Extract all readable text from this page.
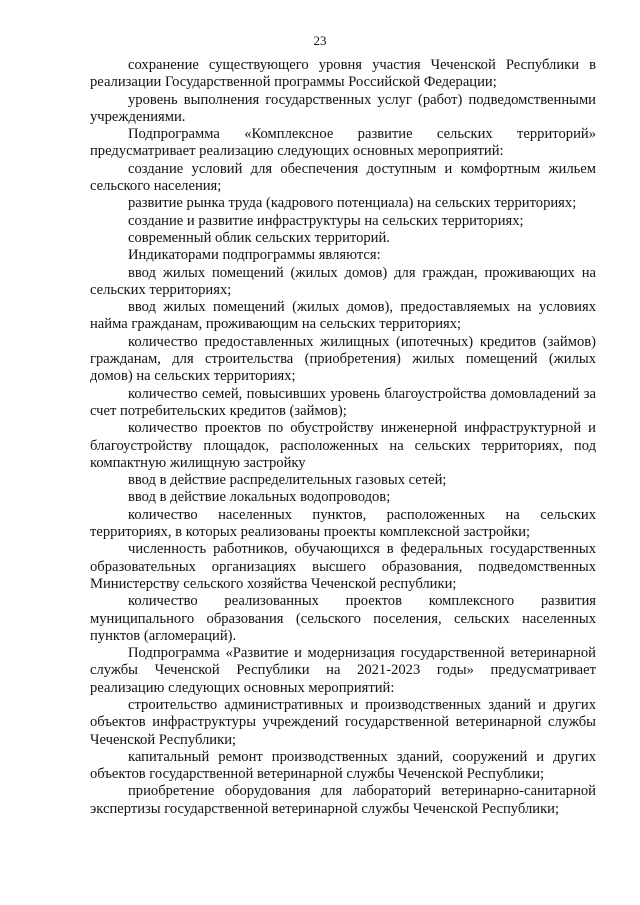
23

сохранение существующего уровня участия Чеченской Республики в реализации Государственной программы Российской Федерации;

уровень выполнения государственных услуг (работ) подведомственными учреждениями.

Подпрограмма «Комплексное развитие сельских территорий» предусматривает реализацию следующих основных мероприятий:

создание условий для обеспечения доступным и комфортным жильем сельского населения;

развитие рынка труда (кадрового потенциала) на сельских территориях;

создание и развитие инфраструктуры на сельских территориях;

современный облик сельских территорий.

Индикаторами подпрограммы являются:

ввод жилых помещений (жилых домов) для граждан, проживающих на сельских территориях;

ввод жилых помещений (жилых домов), предоставляемых на условиях найма гражданам, проживающим на сельских территориях;

количество предоставленных жилищных (ипотечных) кредитов (займов) гражданам, для строительства (приобретения) жилых помещений (жилых домов) на сельских территориях;

количество семей, повысивших уровень благоустройства домовладений за счет потребительских кредитов (займов);

количество проектов по обустройству инженерной инфраструктурной и благоустройству площадок, расположенных на сельских территориях, под компактную жилищную застройку

ввод в действие распределительных газовых сетей;

ввод в действие локальных водопроводов;

количество населенных пунктов, расположенных на сельских территориях, в которых реализованы проекты комплексной застройки;

численность работников, обучающихся в федеральных государственных образовательных организациях высшего образования, подведомственных Министерству сельского хозяйства Чеченской республики;

количество реализованных проектов комплексного развития муниципального образования (сельского поселения, сельских населенных пунктов (агломераций).

Подпрограмма «Развитие и модернизация государственной ветеринарной службы Чеченской Республики на 2021-2023 годы» предусматривает реализацию следующих основных мероприятий:

строительство административных и производственных зданий и других объектов инфраструктуры учреждений государственной ветеринарной службы Чеченской Республики;

капитальный ремонт производственных зданий, сооружений и других объектов государственной ветеринарной службы Чеченской Республики;

приобретение оборудования для лабораторий ветеринарно-санитарной экспертизы государственной ветеринарной службы Чеченской Республики;
